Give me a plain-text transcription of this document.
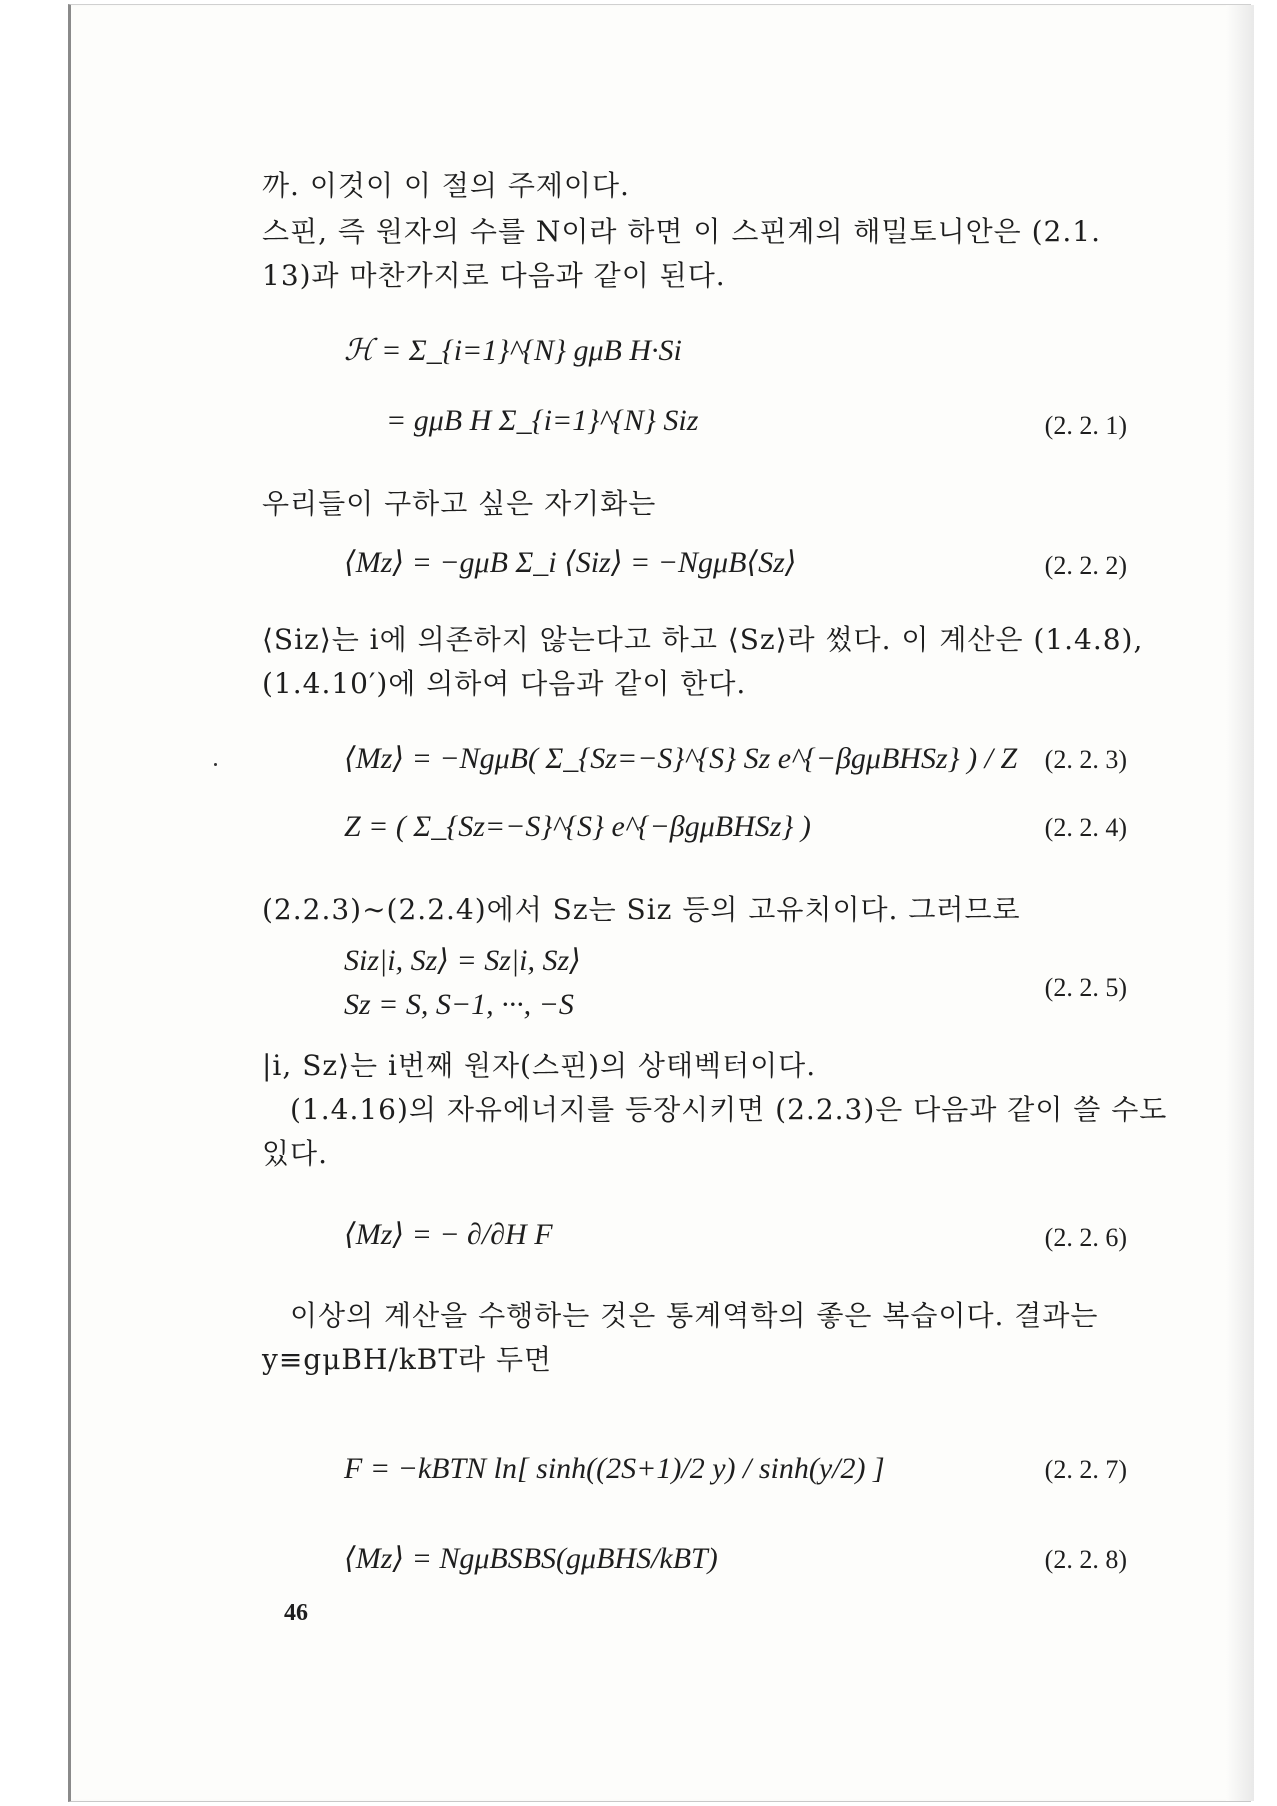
까. 이것이 이 절의 주제이다.
스핀, 즉 원자의 수를 N이라 하면 이 스핀계의 해밀토니안은 (2.1.
13)과 마찬가지로 다음과 같이 된다.
우리들이 구하고 싶은 자기화는
⟨Siz⟩는 i에 의존하지 않는다고 하고 ⟨Sz⟩라 썼다. 이 계산은 (1.4.8),
(1.4.10′)에 의하여 다음과 같이 한다.
(2.2.3)∼(2.2.4)에서 Sz는 Siz 등의 고유치이다. 그러므로
|i, Sz⟩는 i번째 원자(스핀)의 상태벡터이다.
(1.4.16)의 자유에너지를 등장시키면 (2.2.3)은 다음과 같이 쓸 수도
있다.
이상의 계산을 수행하는 것은 통계역학의 좋은 복습이다. 결과는
y≡gμBH/kBT라 두면
ℋ = Σ_{i=1}^{N} gμB H·Si
= gμB H Σ_{i=1}^{N} Siz	(2. 2. 1)
⟨Mz⟩ = −gμB Σ_i ⟨Siz⟩ = −NgμB⟨Sz⟩	(2. 2. 2)
⟨Mz⟩ = −NgμB( Σ_{Sz=−S}^{S} Sz e^{−βgμBHSz} ) / Z (2. 2. 3)
Z = ( Σ_{Sz=−S}^{S} e^{−βgμBHSz} )	(2. 2. 4)
Siz|i, Sz⟩ = Sz|i, Sz⟩
Sz = S, S−1, ···, −S
(2. 2. 5)
⟨Mz⟩ = − ∂/∂H F	(2. 2. 6)
F = −kBTN ln[ sinh((2S+1)/2 y) / sinh(y/2) ]	(2. 2. 7)
⟨Mz⟩ = NgμBSBS(gμBHS/kBT)	(2. 2. 8)
46
